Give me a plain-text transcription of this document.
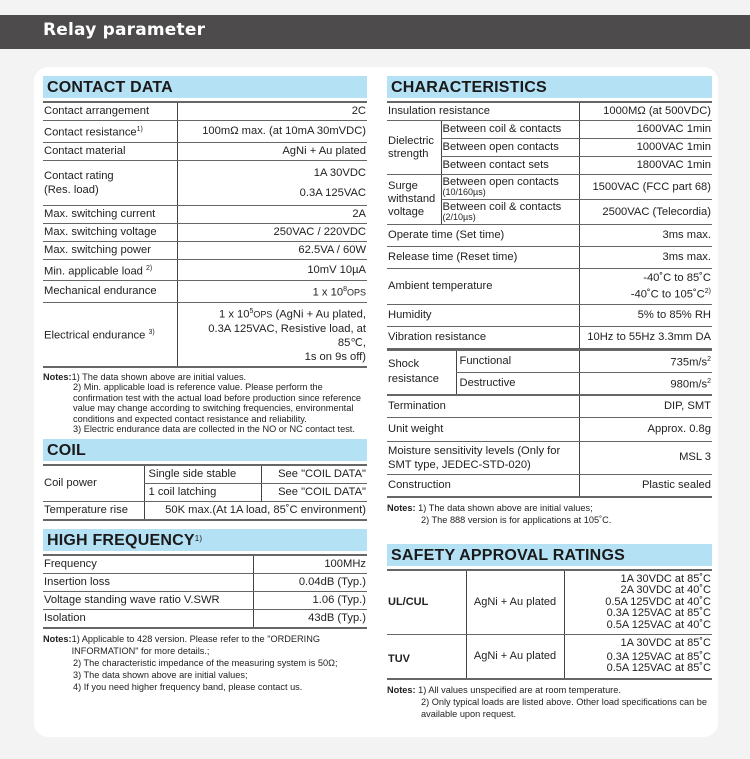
Relay parameter
CONTACT DATA
Contact arrangement	2C
Contact resistance$^{1)}$	100mΩ max. (at 10mA 30mVDC)
Contact material	AgNi + Au plated
Contact rating
(Res. load)	1A 30VDC
0.3A 125VAC
Max. switching current	2A
Max. switching voltage	250VAC / 220VDC
Max. switching power	62.5VA / 60W
Min. applicable load $^{2)}$	10mV 10µA
Mechanical endurance	1 x $10^8OPS$
Electrical endurance $^{3)}$	1 x $10^5OPS$ (AgNi + Au plated,
0.3A 125VAC, Resistive load, at 85℃,
1s on 9s off)
Notes: 1) The data shown above are initial values.
2) Min. applicable load is reference value. Please perform the confirmation test with the actual load before production since reference value may change according to switching frequencies, environmental conditions and expected contact resistance and reliability.
3) Electric endurance data are collected in the NO or NC contact test.
COIL
Coil power	Single side stable	See "COIL DATA"
	1 coil latching	See "COIL DATA"
Temperature rise	50K max.(At 1A load, 85˚C environment)	
HIGH FREQUENCY$^{1)}$
Frequency	100MHz
Insertion loss	0.04dB (Typ.)
Voltage standing wave ratio V.SWR	1.06 (Typ.)
Isolation	43dB (Typ.)
Notes: 1) Applicable to 428 version. Please refer to the "ORDERING INFORMATION" for more details.;
2) The characteristic impedance of the measuring system is 50Ω;
3) The data shown above are initial values;
4) If you need higher frequency band, please contact us.
CHARACTERISTICS
Insulation resistance		1000MΩ (at 500VDC)
Dielectric
strength	Between coil & contacts	1600VAC 1min
	Between open contacts	1000VAC 1min
	Between contact sets	1800VAC 1min
Surge
withstand
voltage	Between open contacts
(10/160µs)	1500VAC (FCC part 68)
	Between coil & contacts
(2/10µs)	2500VAC (Telecordia)
Operate time (Set time)		3ms max.
Release time (Reset time)		3ms max.
Ambient temperature		-40˚C to 85˚C
-40˚C to $105˚C^{2)}$
Humidity		5% to 85% RH
Vibration resistance		10Hz to 55Hz 3.3mm DA
Shock
resistance	Functional	$735m/s^2$
	Destructive	$980m/s^2$
Termination	DIP, SMT
Unit weight	Approx. 0.8g
Moisture sensitivity levels (Only for
SMT type, JEDEC-STD-020)	MSL 3
Construction	Plastic sealed
Notes:
1) The data shown above are initial values;
2) The 888 version is for applications at 105˚C.
SAFETY APPROVAL RATINGS
UL/CUL	AgNi + Au plated	1A 30VDC at 85˚C
2A 30VDC at 40˚C
0.5A 125VDC at 40˚C
0.3A 125VAC at 85˚C
0.5A 125VAC at 40˚C

TUV	AgNi + Au plated	1A 30VDC at 85˚C
0.3A 125VAC at 85˚C
0.5A 125VAC at 85˚C
Notes:
1) All values unspecified are at room temperature.
2) Only typical loads are listed above. Other load specifications can be available upon request.
